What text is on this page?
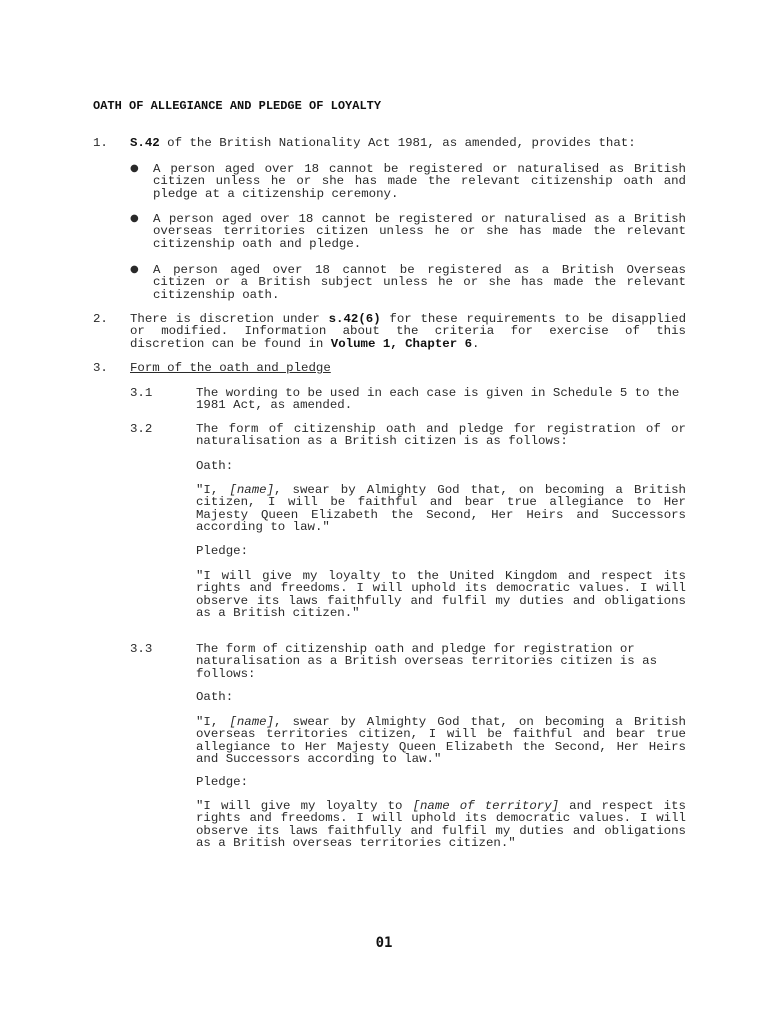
OATH OF ALLEGIANCE AND PLEDGE OF LOYALTY
1. S.42 of the British Nationality Act 1981, as amended, provides that:
● A person aged over 18 cannot be registered or naturalised as British citizen unless he or she has made the relevant citizenship oath and pledge at a citizenship ceremony.
● A person aged over 18 cannot be registered or naturalised as a British overseas territories citizen unless he or she has made the relevant citizenship oath and pledge.
● A person aged over 18 cannot be registered as a British Overseas citizen or a British subject unless he or she has made the relevant citizenship oath.
2. There is discretion under s.42(6) for these requirements to be disapplied or modified. Information about the criteria for exercise of this discretion can be found in Volume 1, Chapter 6.
3. Form of the oath and pledge
3.1	The wording to be used in each case is given in Schedule 5 to the 1981 Act, as amended.
3.2	The form of citizenship oath and pledge for registration of or naturalisation as a British citizen is as follows:
Oath:
"I, [name], swear by Almighty God that, on becoming a British citizen, I will be faithful and bear true allegiance to Her Majesty Queen Elizabeth the Second, Her Heirs and Successors according to law."
Pledge:
"I will give my loyalty to the United Kingdom and respect its rights and freedoms. I will uphold its democratic values. I will observe its laws faithfully and fulfil my duties and obligations as a British citizen."
3.3	The form of citizenship oath and pledge for registration or naturalisation as a British overseas territories citizen is as follows:
Oath:
"I, [name], swear by Almighty God that, on becoming a British overseas territories citizen, I will be faithful and bear true allegiance to Her Majesty Queen Elizabeth the Second, Her Heirs and Successors according to law."
Pledge:
"I will give my loyalty to [name of territory] and respect its rights and freedoms. I will uphold its democratic values. I will observe its laws faithfully and fulfil my duties and obligations as a British overseas territories citizen."
01
